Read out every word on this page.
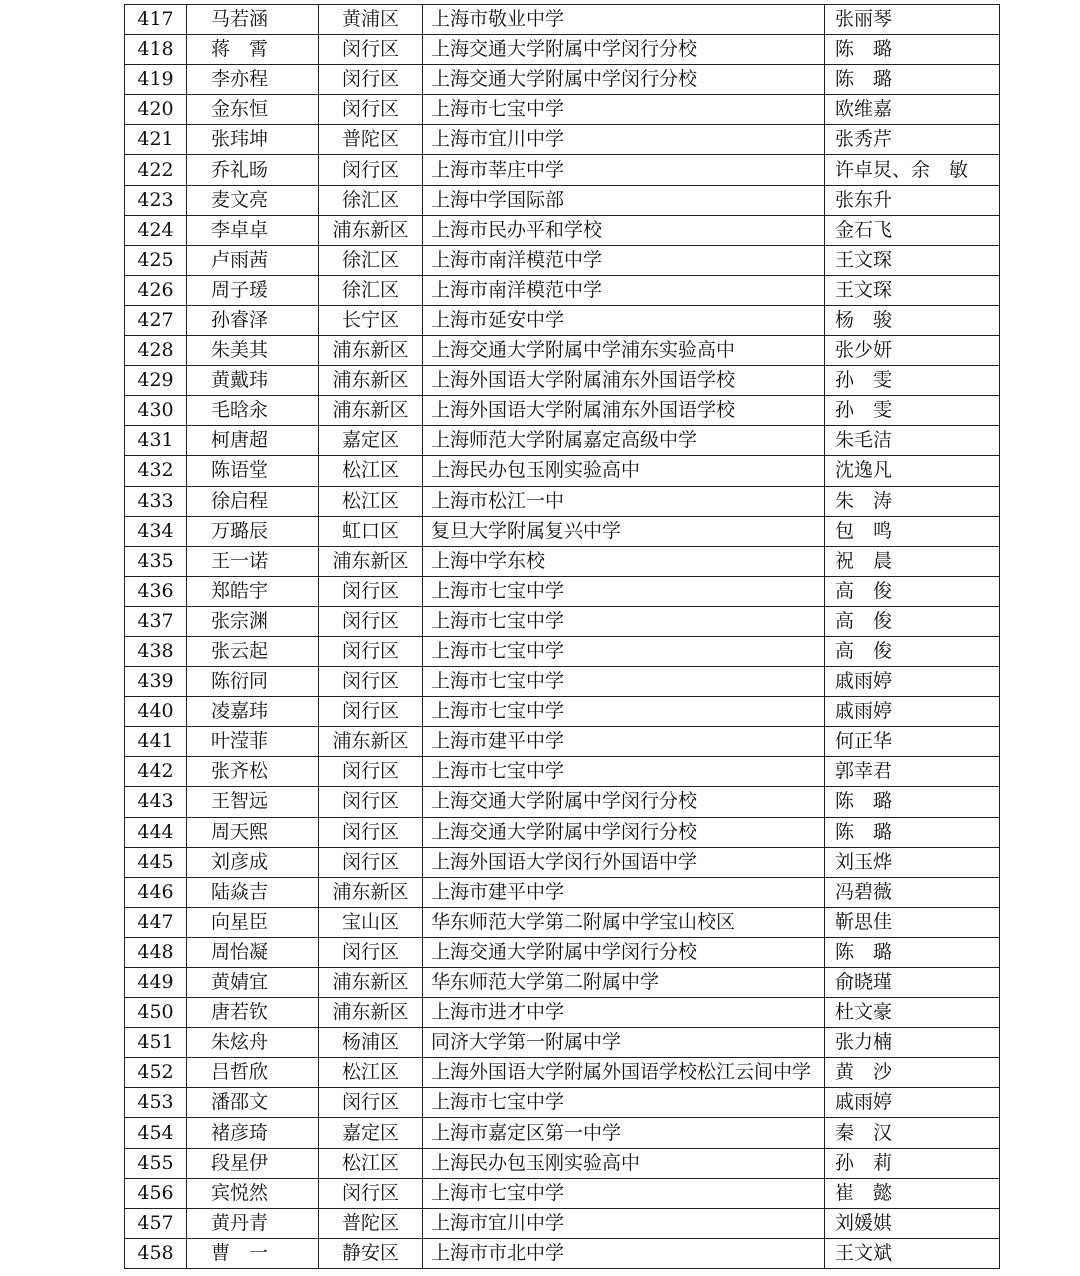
417	马若涵	黄浦区	上海市敬业中学	张丽琴
418	蒋　霄	闵行区	上海交通大学附属中学闵行分校	陈　璐
419	李亦程	闵行区	上海交通大学附属中学闵行分校	陈　璐
420	金东恒	闵行区	上海市七宝中学	欧维嘉
421	张玮坤	普陀区	上海市宜川中学	张秀芹
422	乔礼旸	闵行区	上海市莘庄中学	许卓炅、余　敏
423	麦文亮	徐汇区	上海中学国际部	张东升
424	李卓卓	浦东新区	上海市民办平和学校	金石飞
425	卢雨茜	徐汇区	上海市南洋模范中学	王文琛
426	周子瑗	徐汇区	上海市南洋模范中学	王文琛
427	孙睿泽	长宁区	上海市延安中学	杨　骏
428	朱美其	浦东新区	上海交通大学附属中学浦东实验高中	张少妍
429	黄戴玮	浦东新区	上海外国语大学附属浦东外国语学校	孙　雯
430	毛晗汆	浦东新区	上海外国语大学附属浦东外国语学校	孙　雯
431	柯唐超	嘉定区	上海师范大学附属嘉定高级中学	朱毛洁
432	陈语堂	松江区	上海民办包玉刚实验高中	沈逸凡
433	徐启程	松江区	上海市松江一中	朱　涛
434	万璐辰	虹口区	复旦大学附属复兴中学	包　鸣
435	王一诺	浦东新区	上海中学东校	祝　晨
436	郑皓宇	闵行区	上海市七宝中学	高　俊
437	张宗渊	闵行区	上海市七宝中学	高　俊
438	张云起	闵行区	上海市七宝中学	高　俊
439	陈衍同	闵行区	上海市七宝中学	戚雨婷
440	凌嘉玮	闵行区	上海市七宝中学	戚雨婷
441	叶滢菲	浦东新区	上海市建平中学	何正华
442	张齐松	闵行区	上海市七宝中学	郭幸君
443	王智远	闵行区	上海交通大学附属中学闵行分校	陈　璐
444	周天熙	闵行区	上海交通大学附属中学闵行分校	陈　璐
445	刘彦成	闵行区	上海外国语大学闵行外国语中学	刘玉烨
446	陆焱吉	浦东新区	上海市建平中学	冯碧薇
447	向星臣	宝山区	华东师范大学第二附属中学宝山校区	靳思佳
448	周怡凝	闵行区	上海交通大学附属中学闵行分校	陈　璐
449	黄婧宜	浦东新区	华东师范大学第二附属中学	俞晓瑾
450	唐若钦	浦东新区	上海市进才中学	杜文豪
451	朱炫舟	杨浦区	同济大学第一附属中学	张力楠
452	吕哲欣	松江区	上海外国语大学附属外国语学校松江云间中学	黄　沙
453	潘邵文	闵行区	上海市七宝中学	戚雨婷
454	褚彦琦	嘉定区	上海市嘉定区第一中学	秦　汉
455	段星伊	松江区	上海民办包玉刚实验高中	孙　莉
456	宾悦然	闵行区	上海市七宝中学	崔　懿
457	黄丹青	普陀区	上海市宜川中学	刘媛娸
458	曹　一	静安区	上海市市北中学	王文斌
